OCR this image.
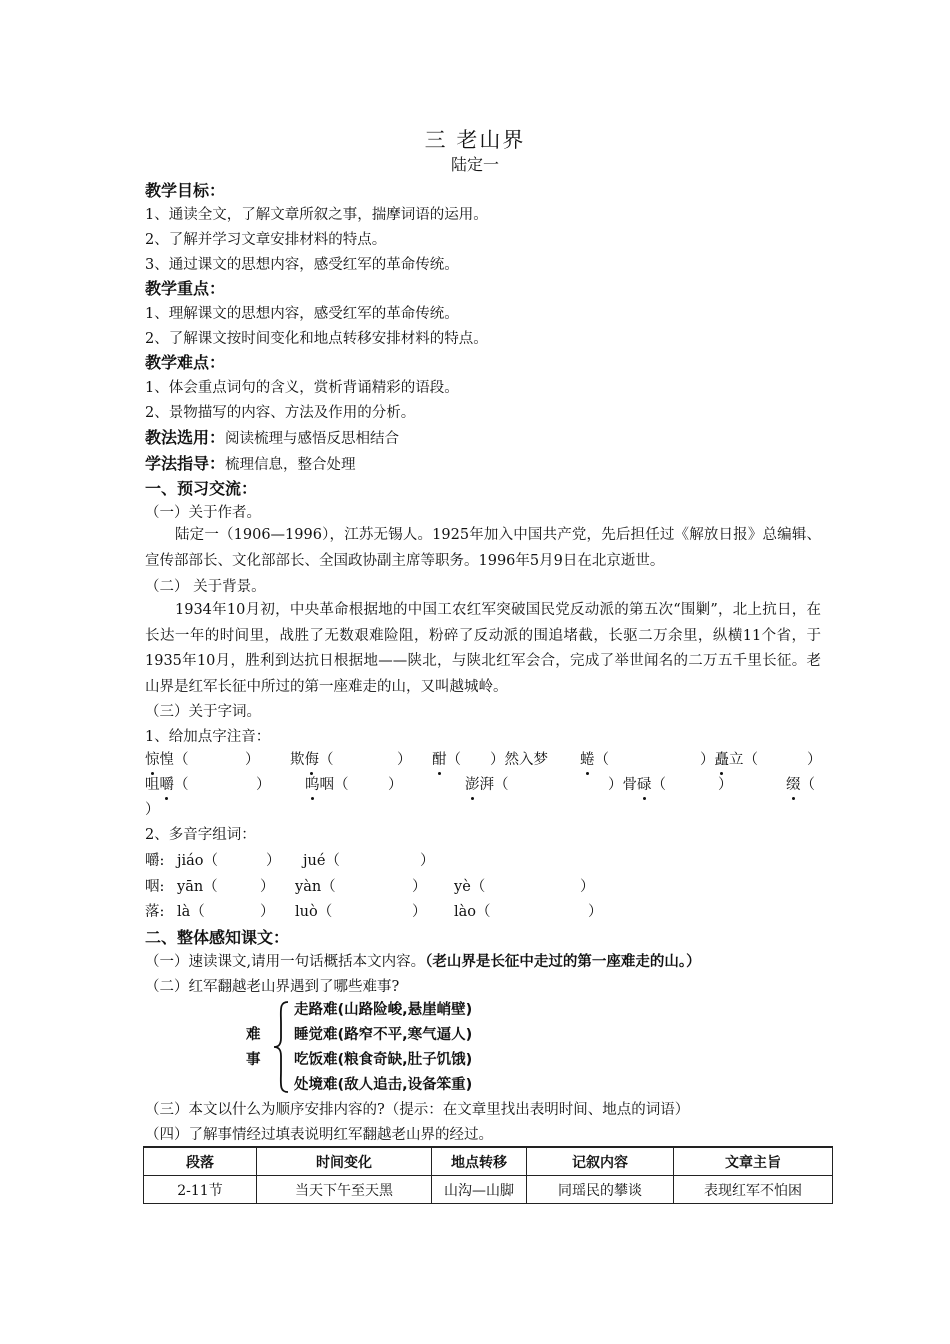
三 老山界
陆定一
教学目标：
1、通读全文，了解文章所叙之事，揣摩词语的运用。
2、了解并学习文章安排材料的特点。
3、通过课文的思想内容，感受红军的革命传统。
教学重点：
1、理解课文的思想内容，感受红军的革命传统。
2、了解课文按时间变化和地点转移安排材料的特点。
教学难点：
1、体会重点词句的含义，赏析背诵精彩的语段。
2、景物描写的内容、方法及作用的分析。
教法选用：阅读梳理与感悟反思相结合
学法指导：梳理信息，整合处理
一、预习交流：
（一）关于作者。
陆定一（1906—1996），江苏无锡人。1925年加入中国共产党，先后担任过《解放日报》总编辑、宣传部部长、文化部部长、全国政协副主席等职务。1996年5月9日在北京逝世。
（二） 关于背景。
1934年10月初，中央革命根据地的中国工农红军突破国民党反动派的第五次“围剿”，北上抗日，在长达一年的时间里，战胜了无数艰难险阻，粉碎了反动派的围追堵截，长驱二万余里，纵横11个省，于1935年10月，胜利到达抗日根据地——陕北，与陕北红军会合，完成了举世闻名的二万五千里长征。老山界是红军长征中所过的第一座难走的山，又叫越城岭。
（三）关于字词。
1、给加点字注音：
惊惶（	） 欺侮（	） 酣（ ）然入梦 蜷（	）矗立（	）
咀嚼（	） 呜咽（	）	澎湃（	）骨碌（	）	缀（
）
2、多音字组词：
嚼: jiáo（	） jué（	）
咽: yān（	） yàn（	） yè（	）
落: là（	） luò（	） lào（	）
二、整体感知课文：
（一）速读课文,请用一句话概括本文内容。（老山界是长征中走过的第一座难走的山。）
（二）红军翻越老山界遇到了哪些难事?
难
事
走路难(山路险峻,悬崖峭壁)
睡觉难(路窄不平,寒气逼人)
吃饭难(粮食奇缺,肚子饥饿)
处境难(敌人追击,设备笨重)
（三）本文以什么为顺序安排内容的?（提示：在文章里找出表明时间、地点的词语）
（四）了解事情经过填表说明红军翻越老山界的经过。
段落	时间变化	地点转移	记叙内容	文章主旨
2-11节	当天下午至天黑	山沟—山脚	同瑶民的攀谈	表现红军不怕困
